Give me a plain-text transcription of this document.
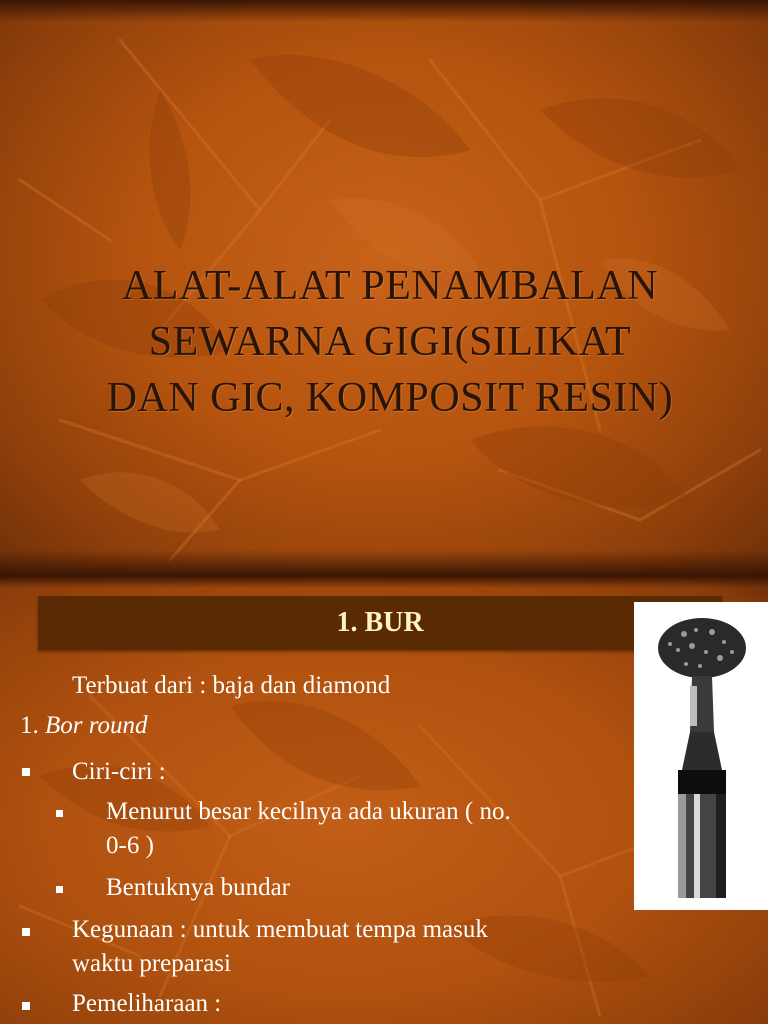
ALAT-ALAT PENAMBALAN
SEWARNA GIGI(SILIKAT
DAN GIC, KOMPOSIT RESIN)
1. BUR
Terbuat dari : baja dan diamond
1. Bor round
Ciri-ciri :
Menurut besar kecilnya ada ukuran ( no.
0-6 )
Bentuknya bundar
Kegunaan : untuk membuat tempa masuk
waktu preparasi
Pemeliharaan :
